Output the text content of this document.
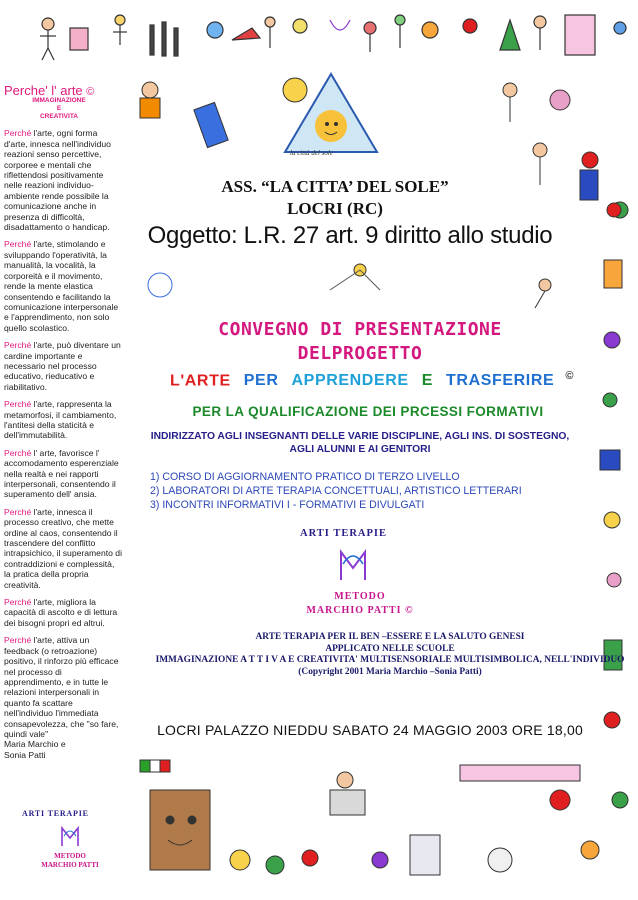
la città del sole
Perche' l' arte ©
IMMAGINAZIONE
E
CREATIVITA

Perché l'arte, ogni forma d'arte, innesca nell'individuo reazioni senso percettive, corporee e mentali che riflettendosi positivamente nelle reazioni individuo-ambiente rende possibile la comunicazione anche in presenza di difficoltà, disadattamento o handicap.

Perché l'arte, stimolando e sviluppando l'operatività, la manualità, la vocalità, la corporeità e il movimento, rende la mente elastica consentendo e facilitando la comunicazione interpersonale e l'apprendimento, non solo quello scolastico.

Perché l'arte, può diventare un cardine importante e necessario nel processo educativo, rieducativo e riabilitativo.

Perché l'arte, rappresenta la metamorfosi, il cambiamento, l'antitesi della staticità e dell'immutabilità.

Perché l' arte, favorisce l' accomodamento esperenziale nella realtà e nei rapporti interpersonali, consentendo il superamento dell' ansia.

Perché l'arte, innesca il processo creativo, che mette ordine al caos, consentendo il trascendere del conflitto intrapsichico, il superamento di contraddizioni e complessità, la pratica della propria creatività.

Perché l'arte, migliora la capacità di ascolto e di lettura dei bisogni propri ed altrui.

Perché l'arte, attiva un feedback (o retroazione) positivo, il rinforzo più efficace nel processo di apprendimento, e in tutte le relazioni interpersonali in quanto fa scattare nell'individuo l'immediata consapevolezza, che "so fare, quindi vale"

Maria Marchio e
Sonia Patti
ARTI TERAPIE
METODO
MARCHIO PATTI
ASS. “LA CITTA’ DEL SOLE”
LOCRI (RC)
Oggetto: L.R. 27 art. 9 diritto allo studio
CONVEGNO DI PRESENTAZIONE
DELPROGETTO
L'ARTE PER APPRENDERE E TRASFERIRE ©
PER LA QUALIFICAZIONE DEI PRCESSI FORMATIVI
INDIRIZZATO AGLI INSEGNANTI DELLE VARIE DISCIPLINE, AGLI INS. DI SOSTEGNO,
AGLI ALUNNI E AI GENITORI
1) CORSO DI AGGIORNAMENTO PRATICO DI TERZO LIVELLO
2) LABORATORI DI ARTE TERAPIA CONCETTUALI, ARTISTICO LETTERARI
3) INCONTRI INFORMATIVI I - FORMATIVI E DIVULGATI
ARTI TERAPIE
METODO
MARCHIO PATTI ©
ARTE TERAPIA PER IL BEN –ESSERE E LA SALUTO GENESI
APPLICATO NELLE SCUOLE
IMMAGINAZIONE A T T I V A E CREATIVITA' MULTISENSORIALE MULTISIMBOLICA, NELL'INDIVIDUO
(Copyright 2001 Maria Marchio –Sonia Patti)
LOCRI PALAZZO NIEDDU SABATO 24 MAGGIO 2003 ORE 18,00
